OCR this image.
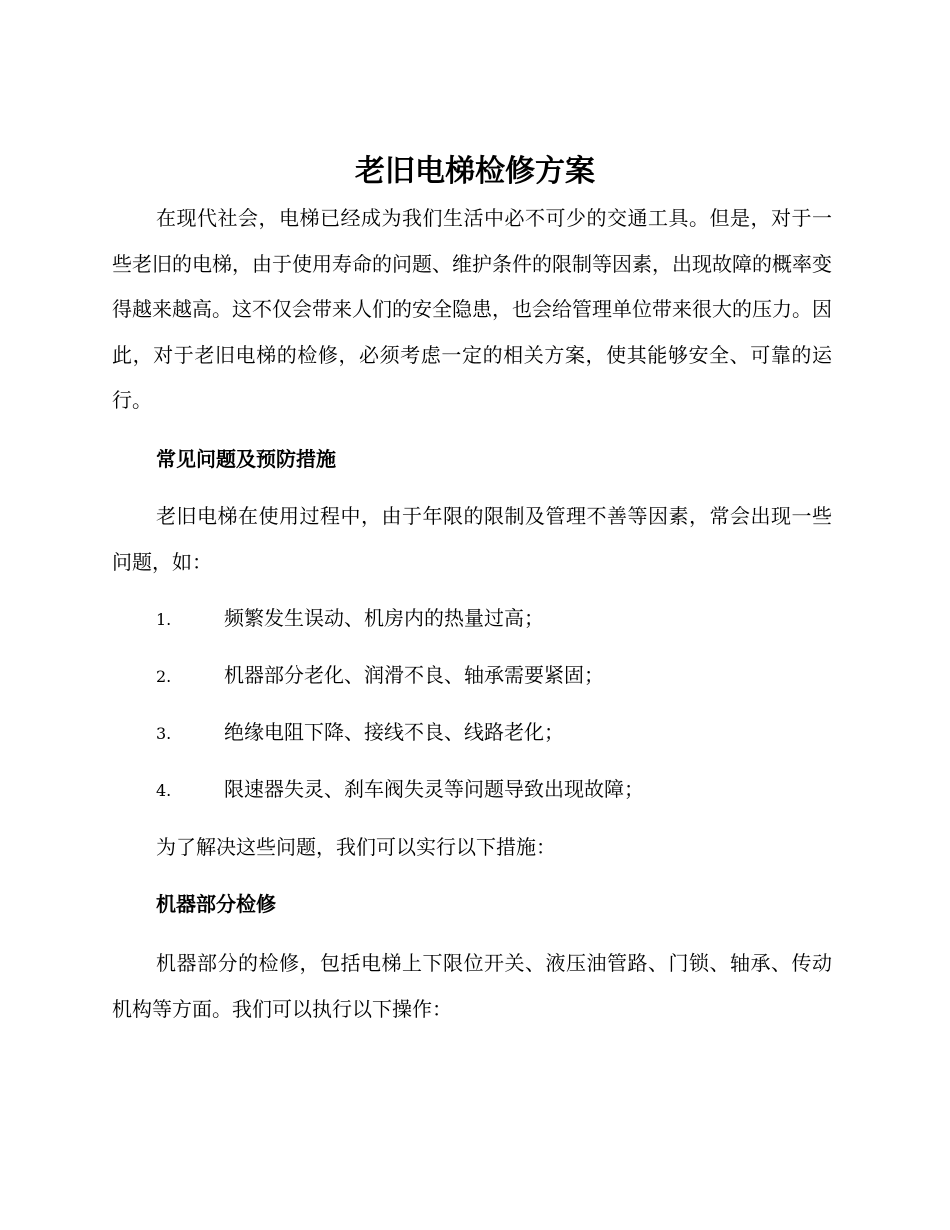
老旧电梯检修方案
在现代社会，电梯已经成为我们生活中必不可少的交通工具。但是，对于一些老旧的电梯，由于使用寿命的问题、维护条件的限制等因素，出现故障的概率变得越来越高。这不仅会带来人们的安全隐患，也会给管理单位带来很大的压力。因此，对于老旧电梯的检修，必须考虑一定的相关方案，使其能够安全、可靠的运行。
常见问题及预防措施
老旧电梯在使用过程中，由于年限的限制及管理不善等因素，常会出现一些问题，如：
1.	频繁发生误动、机房内的热量过高；
2.	机器部分老化、润滑不良、轴承需要紧固；
3.	绝缘电阻下降、接线不良、线路老化；
4.	限速器失灵、刹车阀失灵等问题导致出现故障；
为了解决这些问题，我们可以实行以下措施：
机器部分检修
机器部分的检修，包括电梯上下限位开关、液压油管路、门锁、轴承、传动机构等方面。我们可以执行以下操作：
